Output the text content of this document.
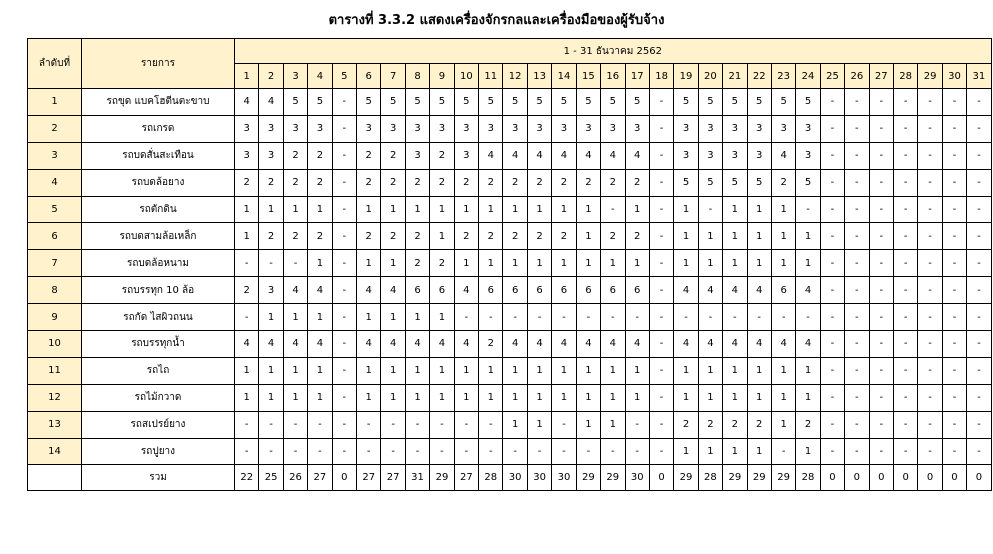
ตารางที่ 3.3.2 แสดงเครื่องจักรกลและเครื่องมือของผู้รับจ้าง
ลำดับที่	รายการ	1 - 31 ธันวาคม 2562																														
		1	2	3	4	5	6	7	8	9	10	11	12	13	14	15	16	17	18	19	20	21	22	23	24	25	26	27	28	29	30	31
1	รถขุด แบคโฮตีนตะขาบ	4	4	5	5	-	5	5	5	5	5	5	5	5	5	5	5	5	-	5	5	5	5	5	5	-	-	-	-	-	-	-
2	รถเกรด	3	3	3	3	-	3	3	3	3	3	3	3	3	3	3	3	3	-	3	3	3	3	3	3	-	-	-	-	-	-	-
3	รถบดสั่นสะเทือน	3	3	2	2	-	2	2	3	2	3	4	4	4	4	4	4	4	-	3	3	3	3	4	3	-	-	-	-	-	-	-
4	รถบดล้อยาง	2	2	2	2	-	2	2	2	2	2	2	2	2	2	2	2	2	-	5	5	5	5	2	5	-	-	-	-	-	-	-
5	รถตักดิน	1	1	1	1	-	1	1	1	1	1	1	1	1	1	1	-	1	-	1	-	1	1	1	-	-	-	-	-	-	-	-
6	รถบดสามล้อเหล็ก	1	2	2	2	-	2	2	2	1	2	2	2	2	2	1	2	2	-	1	1	1	1	1	1	-	-	-	-	-	-	-
7	รถบดล้อหนาม	-	-	-	1	-	1	1	2	2	1	1	1	1	1	1	1	1	-	1	1	1	1	1	1	-	-	-	-	-	-	-
8	รถบรรทุก 10 ล้อ	2	3	4	4	-	4	4	6	6	4	6	6	6	6	6	6	6	-	4	4	4	4	6	4	-	-	-	-	-	-	-
9	รถกัด ไสผิวถนน	-	1	1	1	-	1	1	1	1	-	-	-	-	-	-	-	-	-	-	-	-	-	-	-	-	-	-	-	-	-	-
10	รถบรรทุกน้ำ	4	4	4	4	-	4	4	4	4	4	2	4	4	4	4	4	4	-	4	4	4	4	4	4	-	-	-	-	-	-	-
11	รถไถ	1	1	1	1	-	1	1	1	1	1	1	1	1	1	1	1	1	-	1	1	1	1	1	1	-	-	-	-	-	-	-
12	รถไม้กวาด	1	1	1	1	-	1	1	1	1	1	1	1	1	1	1	1	1	-	1	1	1	1	1	1	-	-	-	-	-	-	-
13	รถสเปรย์ยาง	-	-	-	-	-	-	-	-	-	-	-	1	1	-	1	1	-	-	2	2	2	2	1	2	-	-	-	-	-	-	-
14	รถปูยาง	-	-	-	-	-	-	-	-	-	-	-	-	-	-	-	-	-	-	1	1	1	1	-	1	-	-	-	-	-	-	-
	รวม	22	25	26	27	0	27	27	31	29	27	28	30	30	30	29	29	30	0	29	28	29	29	29	28	0	0	0	0	0	0	0
